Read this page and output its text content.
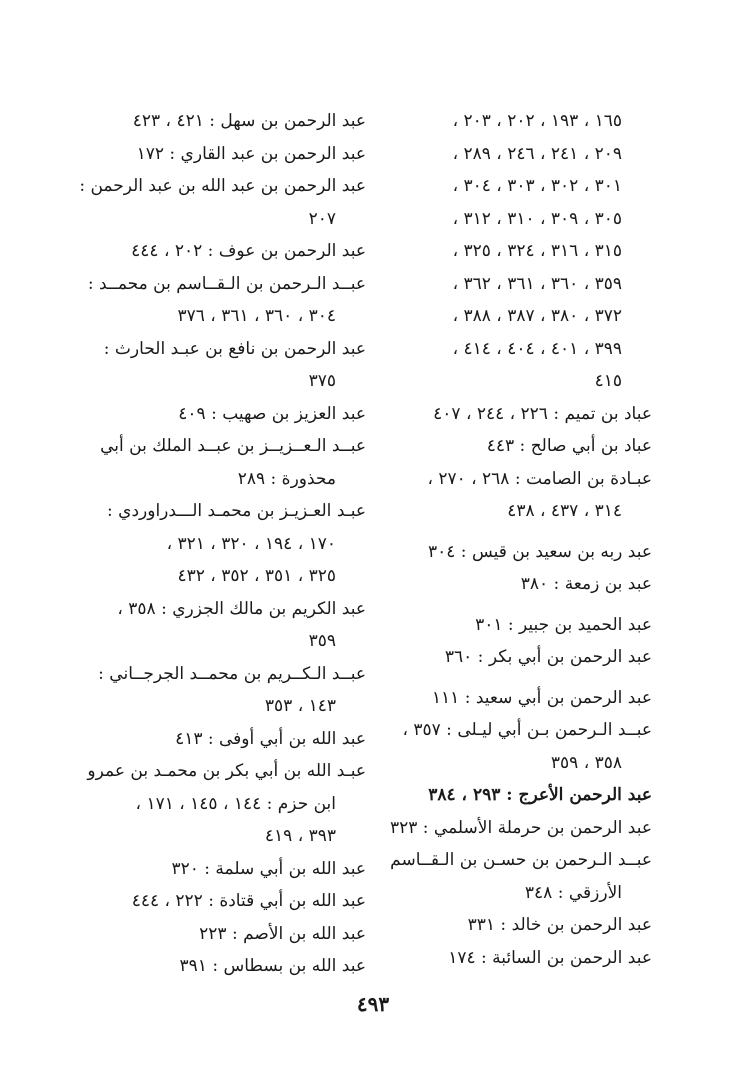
١٦٥ ، ١٩٣ ، ٢٠٢ ، ٢٠٣ ،
٢٠٩ ، ٢٤١ ، ٢٤٦ ، ٢٨٩ ،
٣٠١ ، ٣٠٢ ، ٣٠٣ ، ٣٠٤ ،
٣٠٥ ، ٣٠٩ ، ٣١٠ ، ٣١٢ ،
٣١٥ ، ٣١٦ ، ٣٢٤ ، ٣٢٥ ،
٣٥٩ ، ٣٦٠ ، ٣٦١ ، ٣٦٢ ،
٣٧٢ ، ٣٨٠ ، ٣٨٧ ، ٣٨٨ ،
٣٩٩ ، ٤٠١ ، ٤٠٤ ، ٤١٤ ،
٤١٥
عباد بن تميم : ٢٢٦ ، ٢٤٤ ، ٤٠٧
عباد بن أبي صالح : ٤٤٣
عبـادة بن الصامت : ٢٦٨ ، ٢٧٠ ،
٣١٤ ، ٤٣٧ ، ٤٣٨
عبد ربه بن سعيد بن قيس : ٣٠٤
عبد بن زمعة : ٣٨٠
عبد الحميد بن جبير : ٣٠١
عبد الرحمن بن أبي بكر : ٣٦٠
عبد الرحمن بن أبي سعيد : ١١١
عبــد الـرحمن بـن أبي ليـلى : ٣٥٧ ،
٣٥٨ ، ٣٥٩
عبد الرحمن الأعرج : ٢٩٣ ، ٣٨٤
عبد الرحمن بن حرملة الأسلمي : ٣٢٣
عبــد الـرحمن بن حسـن بن الـقــاسم
الأرزقي : ٣٤٨
عبد الرحمن بن خالد : ٣٣١
عبد الرحمن بن السائبة : ١٧٤
عبد الرحمن بن سهل : ٤٢١ ، ٤٢٣
عبد الرحمن بن عبد القاري : ١٧٢
عبد الرحمن بن عبد الله بن عبد الرحمن :
٢٠٧
عبد الرحمن بن عوف : ٢٠٢ ، ٤٤٤
عبــد الـرحمن بن الـقــاسم بن محمــد :
٣٠٤ ، ٣٦٠ ، ٣٦١ ، ٣٧٦
عبد الرحمن بن نافع بن عبـد الحارث :
٣٧٥
عبد العزيز بن صهيب : ٤٠٩
عبــد الـعــزيــز بن عبــد الملك بن أبي
محذورة : ٢٨٩
عبـد العـزيـز بن محمـد الـــدراوردي :
١٧٠ ، ١٩٤ ، ٣٢٠ ، ٣٢١ ،
٣٢٥ ، ٣٥١ ، ٣٥٢ ، ٤٣٢
عبد الكريم بن مالك الجزري : ٣٥٨ ،
٣٥٩
عبــد الـكــريم بن محمــد الجرجــاني :
١٤٣ ، ٣٥٣
عبد الله بن أبي أوفى : ٤١٣
عبـد الله بن أبي بكر بن محمـد بن عمرو
ابن حزم : ١٤٤ ، ١٤٥ ، ١٧١ ،
٣٩٣ ، ٤١٩
عبد الله بن أبي سلمة : ٣٢٠
عبد الله بن أبي قتادة : ٢٢٢ ، ٤٤٤
عبد الله بن الأصم : ٢٢٣
عبد الله بن بسطاس : ٣٩١
٤٩٣
